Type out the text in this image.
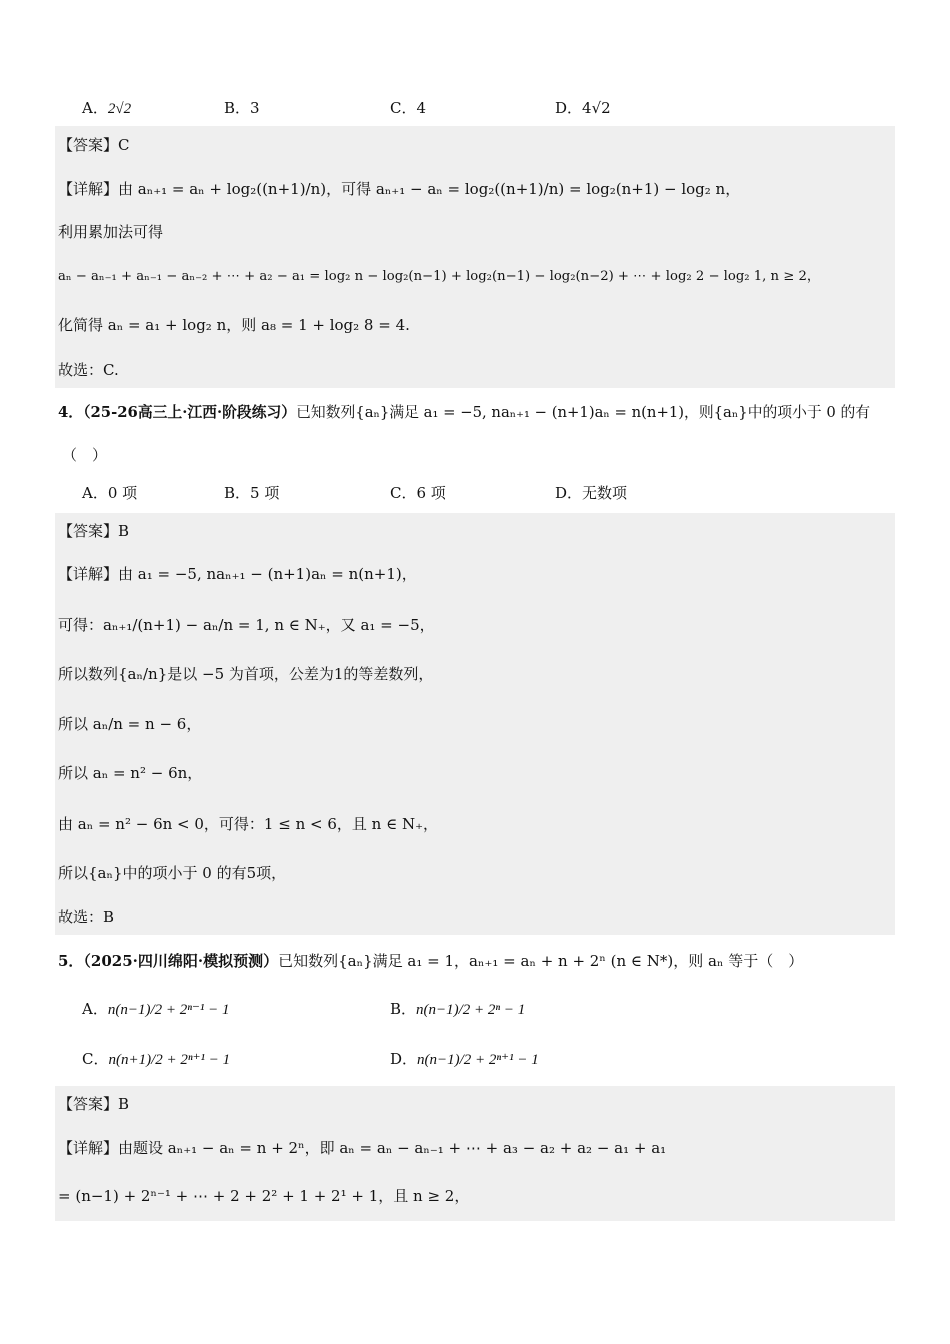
A．2√2	B．3	C．4	D．4√2
【答案】C
【详解】由 aₙ₊₁ = aₙ + log₂((n+1)/n)，可得 aₙ₊₁ − aₙ = log₂((n+1)/n) = log₂(n+1) − log₂ n，
利用累加法可得
aₙ − aₙ₋₁ + aₙ₋₁ − aₙ₋₂ + ⋯ + a₂ − a₁ = log₂ n − log₂(n−1) + log₂(n−1) − log₂(n−2) + ⋯ + log₂ 2 − log₂ 1, n ≥ 2，
化简得 aₙ = a₁ + log₂ n，则 a₈ = 1 + log₂ 8 = 4.
故选：C.
4．（25-26高三上·江西·阶段练习）已知数列{aₙ}满足 a₁ = −5, naₙ₊₁ − (n+1)aₙ = n(n+1)，则{aₙ}中的项小于 0 的有
（　）
A．0 项	B．5 项	C．6 项	D．无数项
【答案】B
【详解】由 a₁ = −5, naₙ₊₁ − (n+1)aₙ = n(n+1)，
可得：aₙ₊₁/(n+1) − aₙ/n = 1, n ∈ N₊，又 a₁ = −5，
所以数列{aₙ/n}是以 −5 为首项，公差为1的等差数列，
所以 aₙ/n = n − 6，
所以 aₙ = n² − 6n，
由 aₙ = n² − 6n < 0，可得：1 ≤ n < 6，且 n ∈ N₊，
所以{aₙ}中的项小于 0 的有5项，
故选：B
5．（2025·四川绵阳·模拟预测）已知数列{aₙ}满足 a₁ = 1，aₙ₊₁ = aₙ + n + 2ⁿ (n ∈ N*)，则 aₙ 等于（　）
A．n(n−1)/2 + 2ⁿ⁻¹ − 1	B．n(n−1)/2 + 2ⁿ − 1
C．n(n+1)/2 + 2ⁿ⁺¹ − 1	D．n(n−1)/2 + 2ⁿ⁺¹ − 1
【答案】B
【详解】由题设 aₙ₊₁ − aₙ = n + 2ⁿ，即 aₙ = aₙ − aₙ₋₁ + ⋯ + a₃ − a₂ + a₂ − a₁ + a₁
= (n−1) + 2ⁿ⁻¹ + ⋯ + 2 + 2² + 1 + 2¹ + 1，且 n ≥ 2，
